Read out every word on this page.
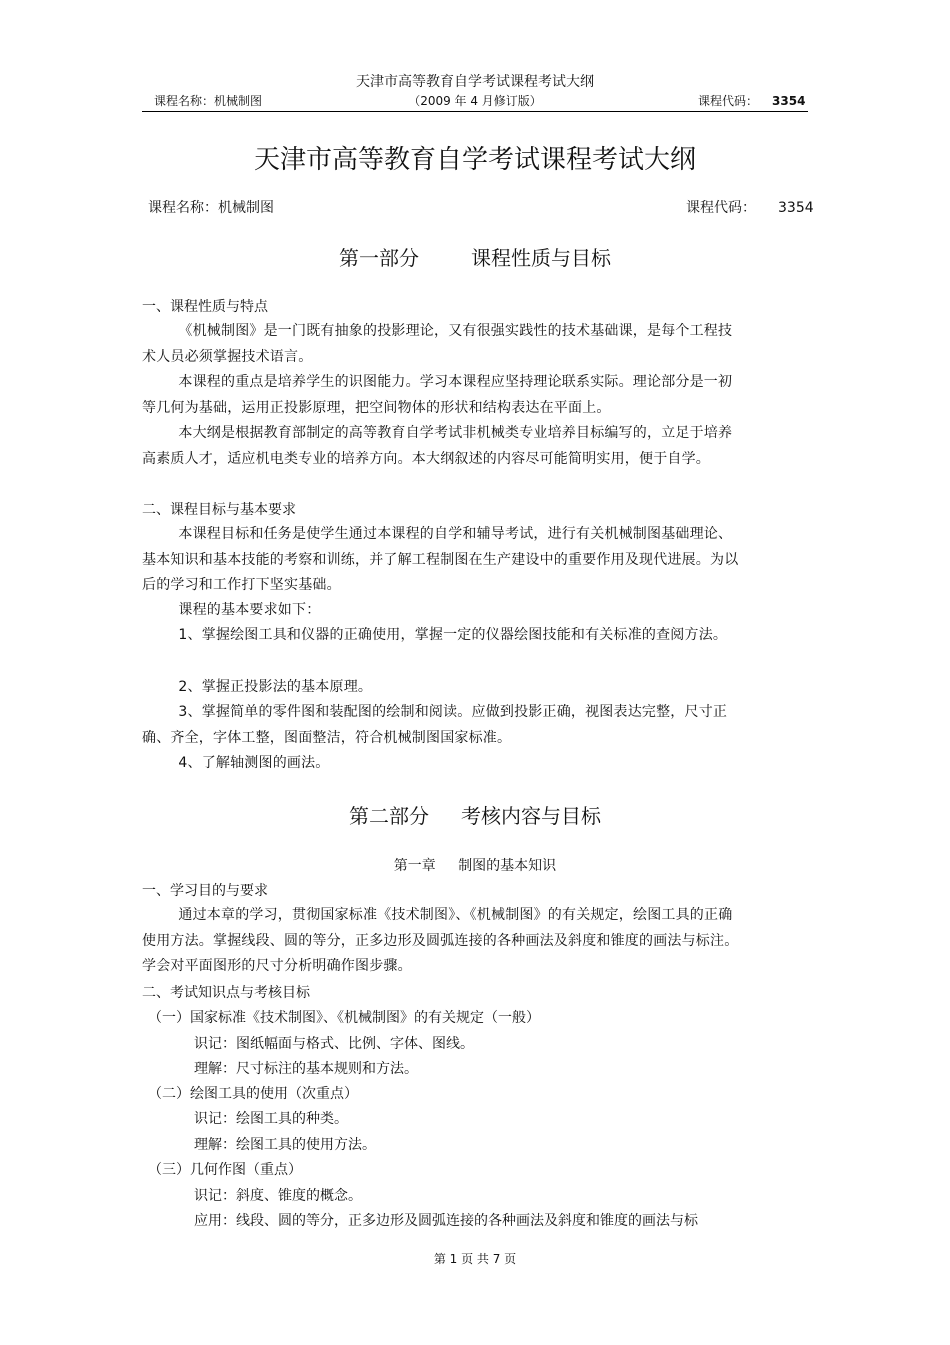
天津市高等教育自学考试课程考试大纲
课程名称：机械制图	（2009 年 4 月修订版）	课程代码： 3354
天津市高等教育自学考试课程考试大纲
课程名称：机械制图	课程代码： 3354
第一部分	课程性质与目标
一、课程性质与特点
《机械制图》是一门既有抽象的投影理论，又有很强实践性的技术基础课，是每个工程技术人员必须掌握技术语言。
本课程的重点是培养学生的识图能力。学习本课程应坚持理论联系实际。理论部分是一初等几何为基础，运用正投影原理，把空间物体的形状和结构表达在平面上。
本大纲是根据教育部制定的高等教育自学考试非机械类专业培养目标编写的，立足于培养高素质人才，适应机电类专业的培养方向。本大纲叙述的内容尽可能简明实用，便于自学。
二、课程目标与基本要求
本课程目标和任务是使学生通过本课程的自学和辅导考试，进行有关机械制图基础理论、基本知识和基本技能的考察和训练，并了解工程制图在生产建设中的重要作用及现代进展。为以后的学习和工作打下坚实基础。
课程的基本要求如下：
1、掌握绘图工具和仪器的正确使用，掌握一定的仪器绘图技能和有关标准的查阅方法。
2、掌握正投影法的基本原理。
3、掌握简单的零件图和装配图的绘制和阅读。应做到投影正确，视图表达完整，尺寸正确、齐全，字体工整，图面整洁，符合机械制图国家标准。
4、了解轴测图的画法。
第二部分 考核内容与目标
第一章 制图的基本知识
一、学习目的与要求
通过本章的学习，贯彻国家标准《技术制图》、《机械制图》的有关规定，绘图工具的正确使用方法。掌握线段、圆的等分，正多边形及圆弧连接的各种画法及斜度和锥度的画法与标注。学会对平面图形的尺寸分析明确作图步骤。
二、考试知识点与考核目标
（一）国家标准《技术制图》、《机械制图》的有关规定（一般）
识记：图纸幅面与格式、比例、字体、图线。
理解：尺寸标注的基本规则和方法。
（二）绘图工具的使用（次重点）
识记：绘图工具的种类。
理解：绘图工具的使用方法。
（三）几何作图（重点）
识记：斜度、锥度的概念。
应用：线段、圆的等分，正多边形及圆弧连接的各种画法及斜度和锥度的画法与标
第 1 页 共 7 页
